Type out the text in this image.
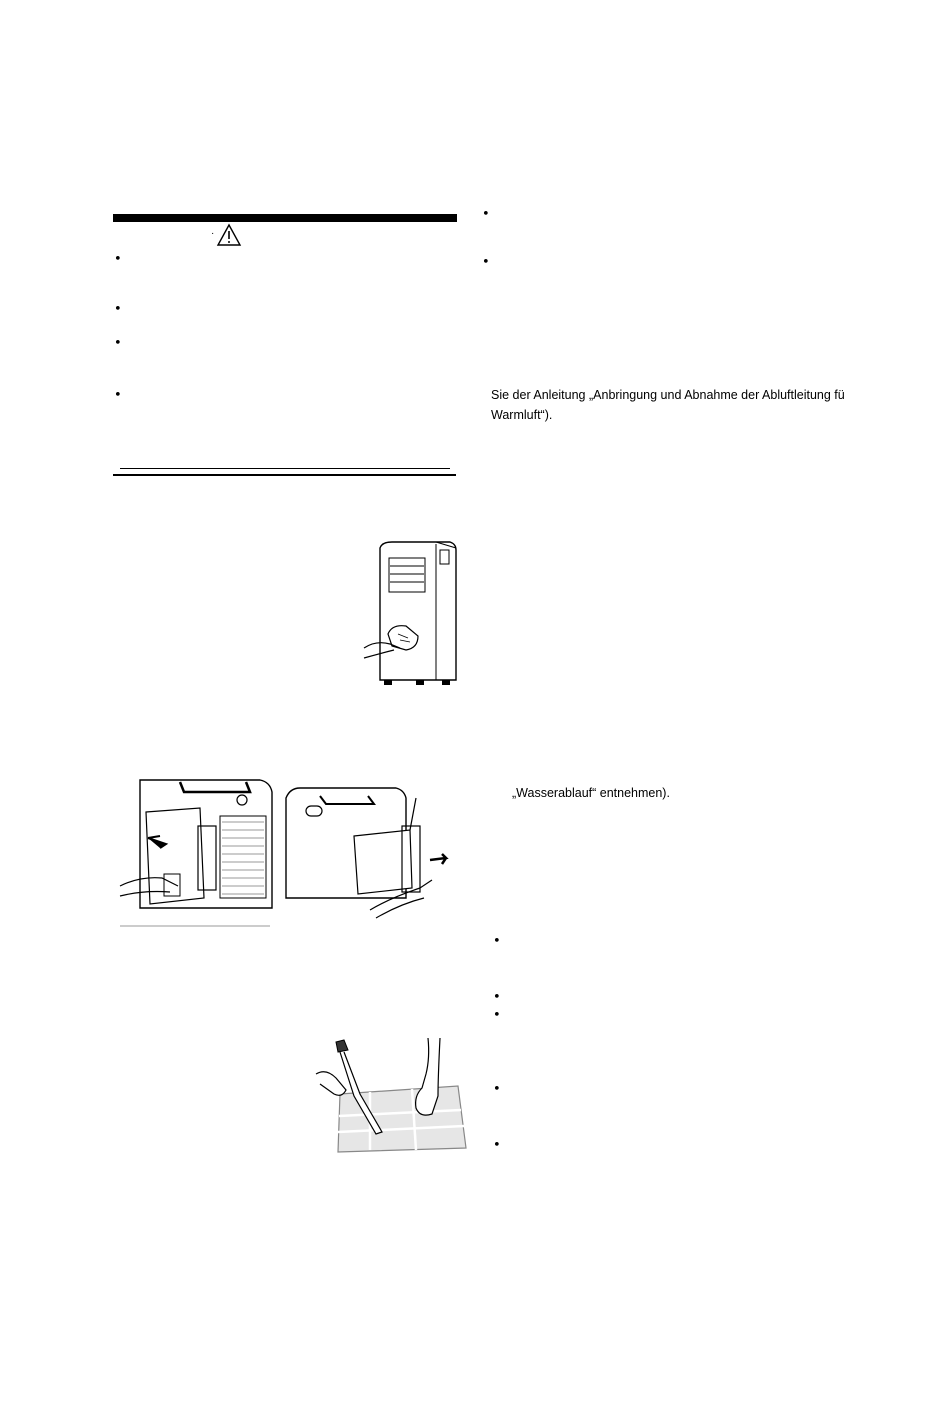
·
•
•
•
•
•
•
Sie der Anleitung „Anbringung und Abnahme der Abluftleitung fü
Warmluft“).
„Wasserablauf“ entnehmen).
•
•
•
•
•
